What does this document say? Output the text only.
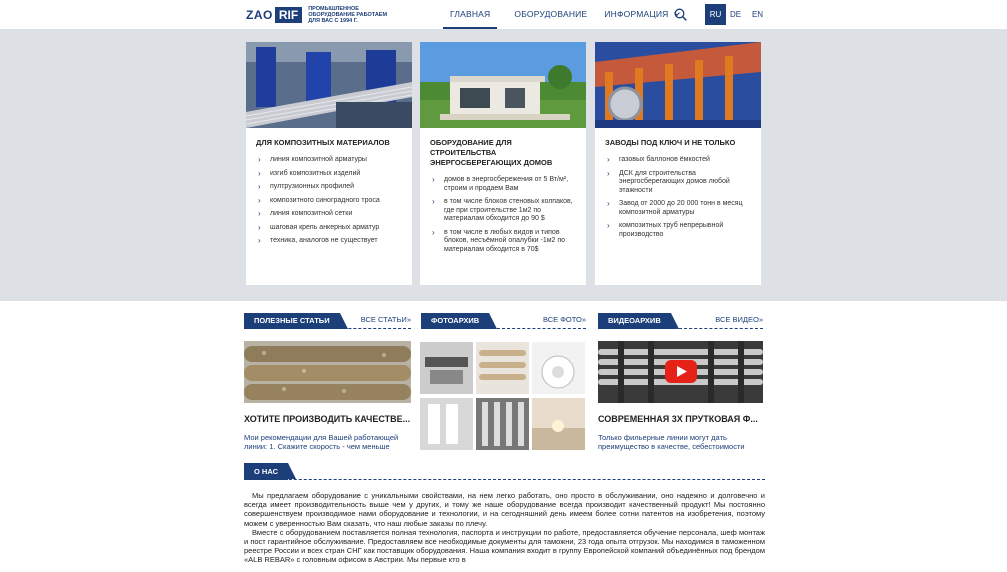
ZAO RIF	ПРОМЫШЛЕННОЕ ОБОРУДОВАНИЕ РАБОТАЕМ ДЛЯ ВАС С 1994 Г.
ГЛАВНАЯ	ОБОРУДОВАНИЕ ИНФОРМАЦИЯ	RU	DE	EN
ДЛЯ КОМПОЗИТНЫХ МАТЕРИАЛОВ
› линия композитной арматуры
› изгиб композитных изделий
› пултрузионных профилей
› композитного синоградного троса
› линия композитной сетки
› шаговая крепь анкерных арматур
› техника, аналогов не существует
ОБОРУДОВАНИЕ ДЛЯ СТРОИТЕЛЬСТВА ЭНЕРГОСБЕРЕГАЮЩИХ ДОМОВ
› домов в энергосбережения от 5 Вт/м², строим и продаем Вам
› в том числе блоков стеновых колпаков, где при строительстве 1м2 по материалам обходится до 90 $
› в том числе в любых видов и типов блоков, несъёмной опалубки -1м2 по материалам обходится в 70$
ЗАВОДЫ ПОД КЛЮЧ И НЕ ТОЛЬКО
› газовых баллонов ёмкостей
› ДСК для строительства энергосберегающих домов любой этажности
› Завод от 2000 до 20 000 тонн в месяц композитной арматуры
› композитных труб непрерывной производство
ПОЛЕЗНЫЕ СТАТЬИ	ВСЕ СТАТЬИ»	ФОТОАРХИВ	ВСЕ ФОТО»	ВИДЕОАРХИВ	ВСЕ ВИДЕО»
ХОТИТЕ ПРОИЗВОДИТЬ КАЧЕСТВЕ...
Мои рекомендации для Вашей работающей линии: 1. Скажите скорость - чем меньше
СОВРЕМЕННАЯ 3Х ПРУТКОВАЯ Ф...
Только фильерные линии могут дать преимущество в качестве, себестоимости
О НАС

Мы предлагаем оборудование с уникальными свойствами, на нем легко работать, оно просто в обслуживании, оно надежно и долговечно и всегда имеет производительность выше чем у других, и тому же наше оборудование всегда производит качественный продукт! Мы постоянно совершенствуем производимое нами оборудование и технологии, и на сегодняшний день имеем более сотни патентов на изобретения, поэтому можем с уверенностью Вам сказать, что наш любые заказы по плечу.

Вместе с оборудованием поставляется полная технология, паспорта и инструкции по работе, предоставляется обучение персонала, шеф монтаж и пост гарантийное обслуживание. Предоставляем все необходимые документы для таможни, 23 года опыта отгрузок. Мы находимся в таможенном реестре России и всех стран СНГ как поставщик оборудования. Наша компания входит в группу Европейской компаний объединённых под брендом «ALB REBAR» с головным офисом в Австрии. Мы первые кто в
